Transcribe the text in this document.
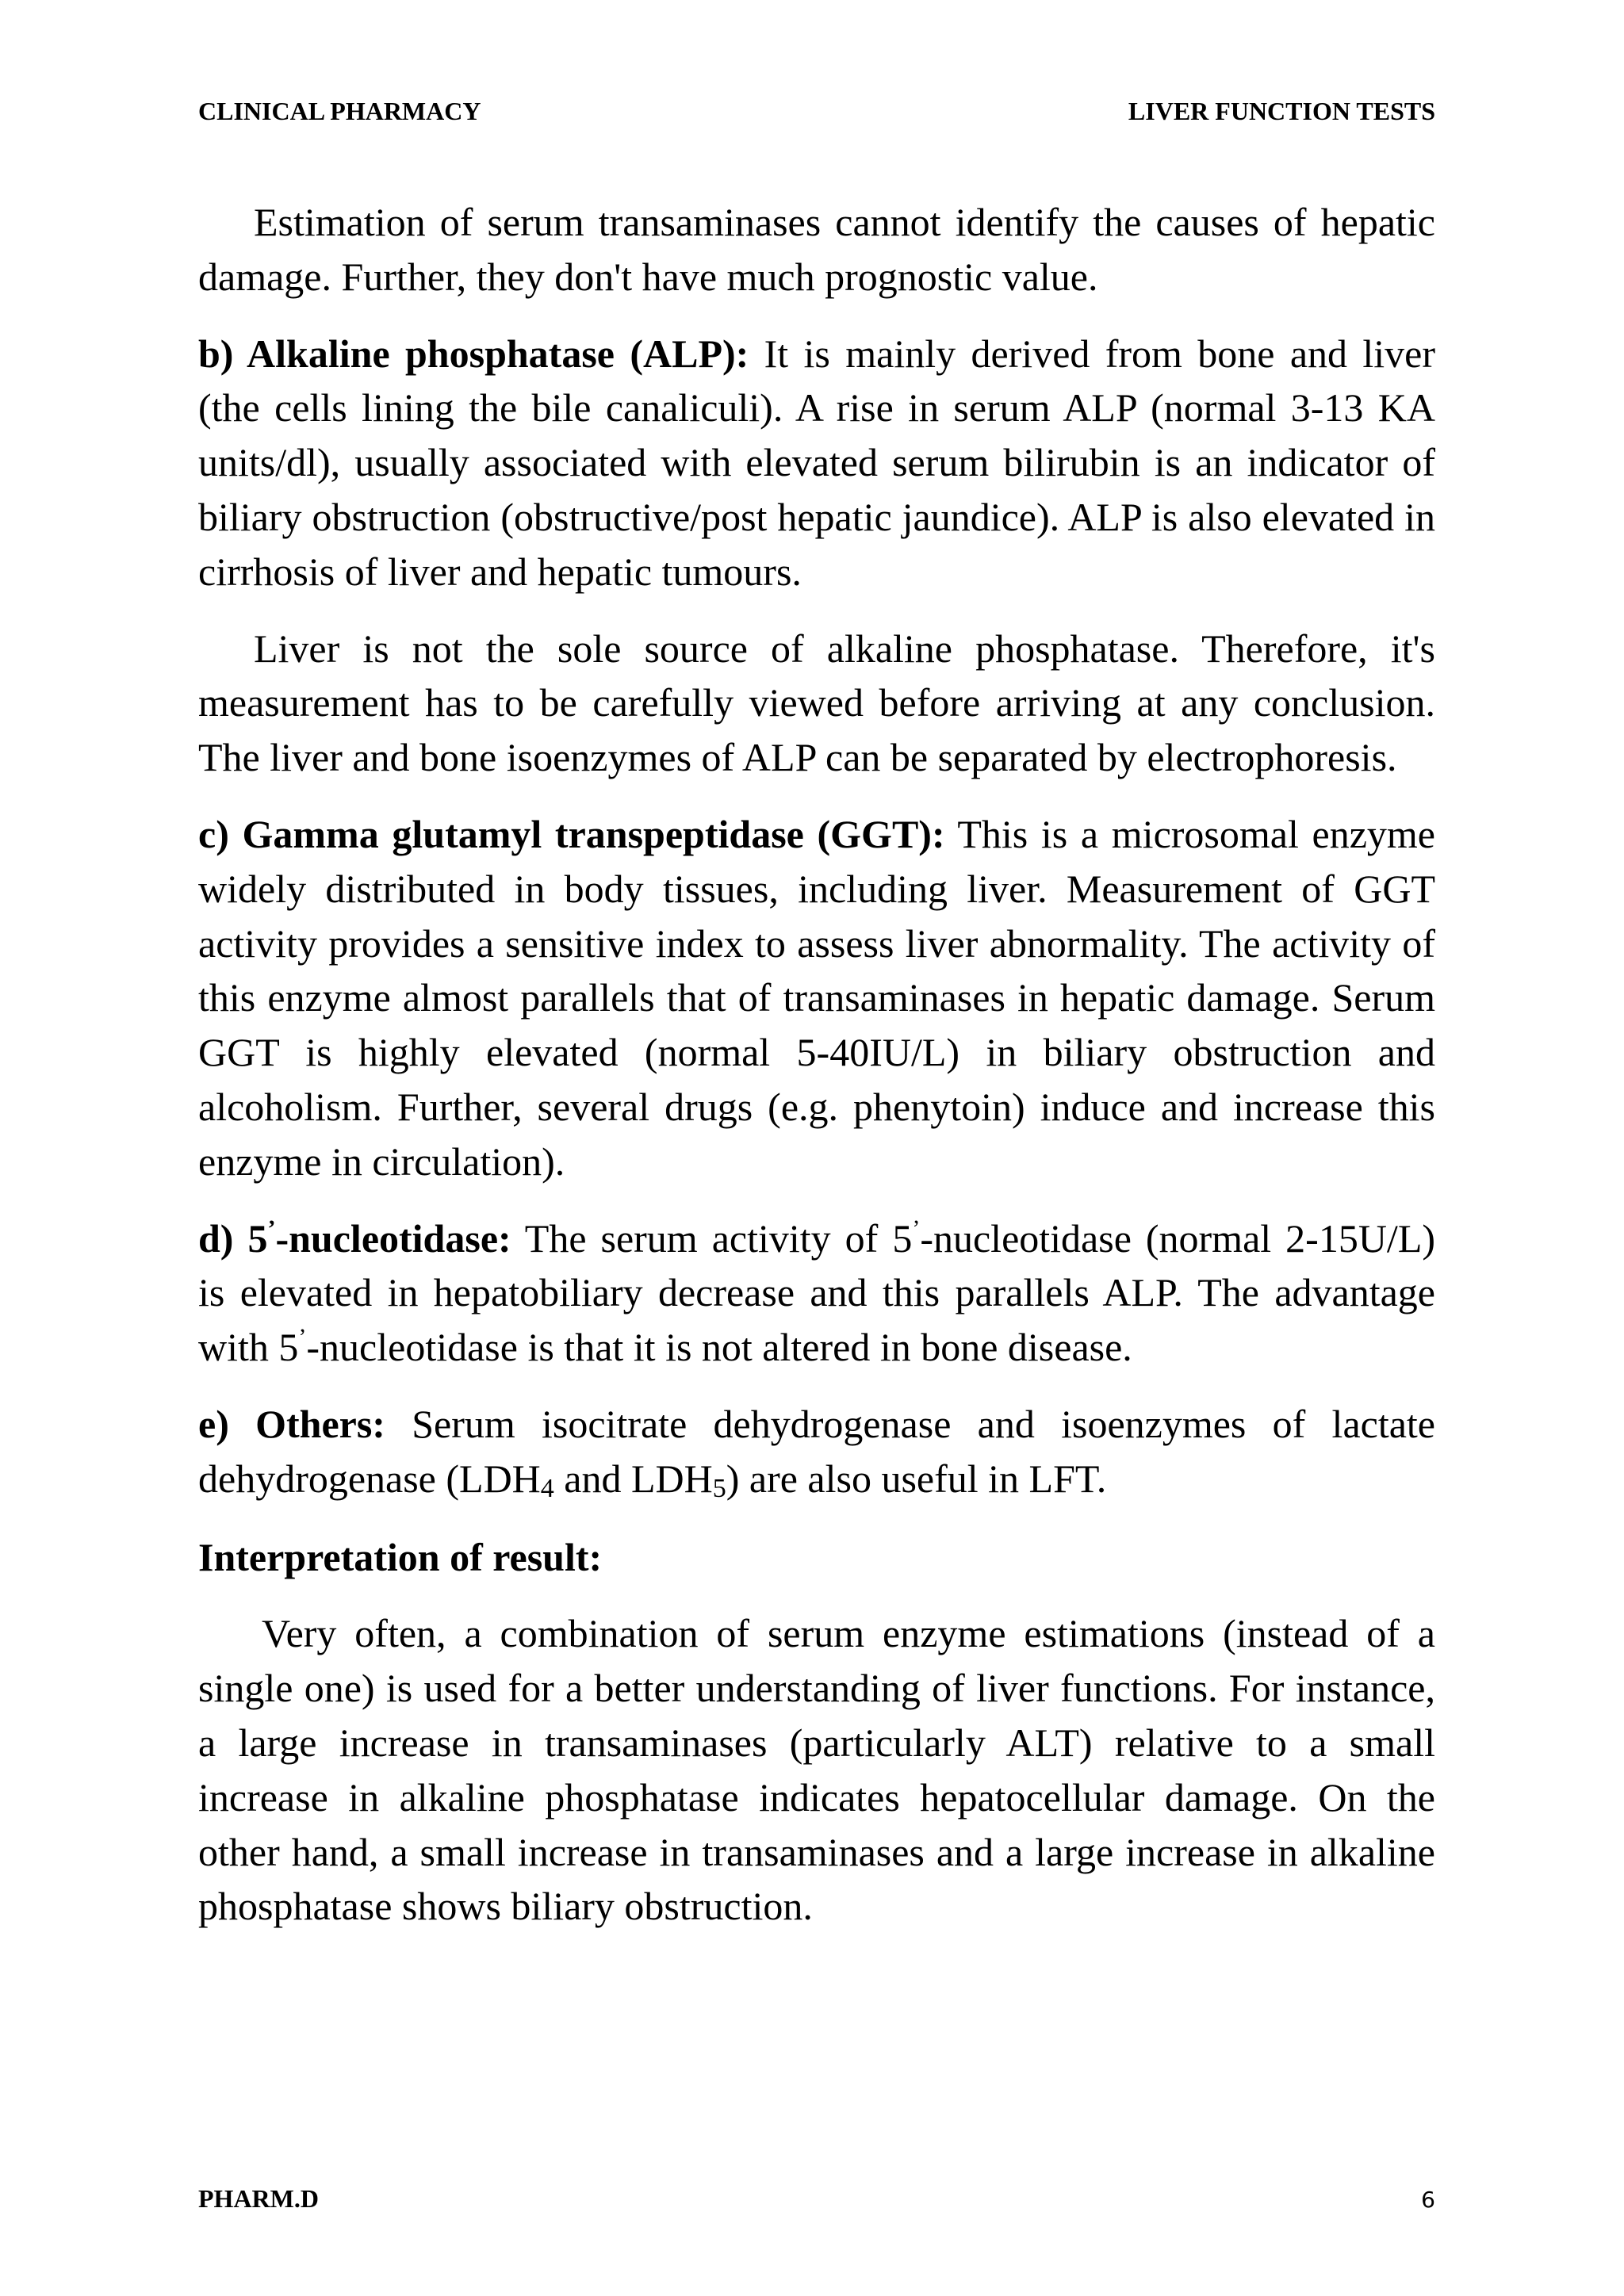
CLINICAL PHARMACY	LIVER FUNCTION TESTS

Estimation of serum transaminases cannot identify the causes of hepatic damage. Further, they don't have much prognostic value.

b) Alkaline phosphatase (ALP): It is mainly derived from bone and liver (the cells lining the bile canaliculi). A rise in serum ALP (normal 3-13 KA units/dl), usually associated with elevated serum bilirubin is an indicator of biliary obstruction (obstructive/post hepatic jaundice). ALP is also elevated in cirrhosis of liver and hepatic tumours.

Liver is not the sole source of alkaline phosphatase. Therefore, it's measurement has to be carefully viewed before arriving at any conclusion. The liver and bone isoenzymes of ALP can be separated by electrophoresis.

c) Gamma glutamyl transpeptidase (GGT): This is a microsomal enzyme widely distributed in body tissues, including liver. Measurement of GGT activity provides a sensitive index to assess liver abnormality. The activity of this enzyme almost parallels that of transaminases in hepatic damage. Serum GGT is highly elevated (normal 5-40IU/L) in biliary obstruction and alcoholism. Further, several drugs (e.g. phenytoin) induce and increase this enzyme in circulation).

d) 5’-nucleotidase: The serum activity of 5’-nucleotidase (normal 2-15U/L) is elevated in hepatobiliary decrease and this parallels ALP. The advantage with 5’-nucleotidase is that it is not altered in bone disease.

e) Others: Serum isocitrate dehydrogenase and isoenzymes of lactate dehydrogenase ($LDH_4$ and $LDH_5$) are also useful in LFT.

Interpretation of result:

Very often, a combination of serum enzyme estimations (instead of a single one) is used for a better understanding of liver functions. For instance, a large increase in transaminases (particularly ALT) relative to a small increase in alkaline phosphatase indicates hepatocellular damage. On the other hand, a small increase in transaminases and a large increase in alkaline phosphatase shows biliary obstruction.

PHARM.D	6
